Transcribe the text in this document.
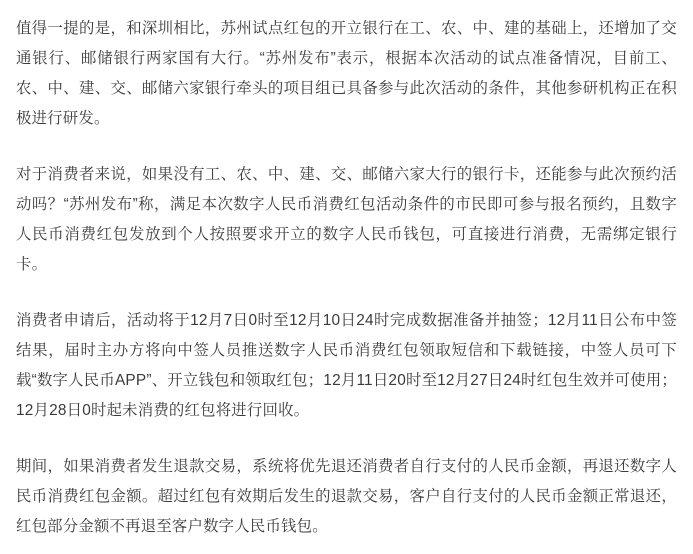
值得一提的是，和深圳相比，苏州试点红包的开立银行在工、农、中、建的基础上，还增加了交通银行、邮储银行两家国有大行。“苏州发布”表示，根据本次活动的试点准备情况，目前工、农、中、建、交、邮储六家银行牵头的项目组已具备参与此次活动的条件，其他参研机构正在积极进行研发。

对于消费者来说，如果没有工、农、中、建、交、邮储六家大行的银行卡，还能参与此次预约活动吗？“苏州发布”称，满足本次数字人民币消费红包活动条件的市民即可参与报名预约，且数字人民币消费红包发放到个人按照要求开立的数字人民币钱包，可直接进行消费，无需绑定银行卡。

消费者申请后，活动将于12月7日0时至12月10日24时完成数据准备并抽签；12月11日公布中签结果，届时主办方将向中签人员推送数字人民币消费红包领取短信和下载链接，中签人员可下载“数字人民币APP”、开立钱包和领取红包；12月11日20时至12月27日24时红包生效并可使用；12月28日0时起未消费的红包将进行回收。

期间，如果消费者发生退款交易，系统将优先退还消费者自行支付的人民币金额，再退还数字人民币消费红包金额。超过红包有效期后发生的退款交易，客户自行支付的人民币金额正常退还，红包部分金额不再退至客户数字人民币钱包。
